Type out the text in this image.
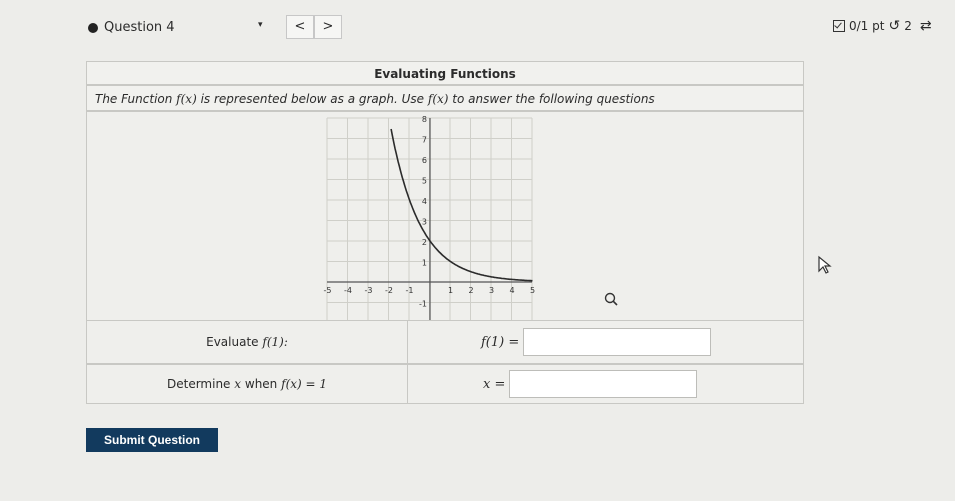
Question 4	▾	<	>	0/1 pt ↺ 2 ⇄
Evaluating Functions
The Function f(x) is represented below as a graph. Use f(x) to answer the following questions
8
7
6
5
4
3
2
1
-1
-5 -4 -3 -2 -1	1 2 3 4 5
Evaluate
f(1):	f(1) =
Determine
x
when
f(x) = 1	x =
Submit Question
